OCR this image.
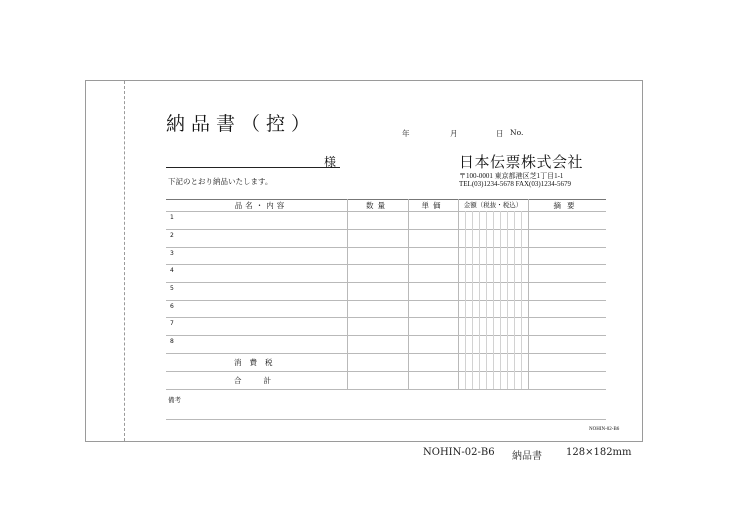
納品書（控）	年	月	日 No.
様
下記のとおり納品いたします。
日本伝票株式会社
〒100-0001 東京都港区芝1丁目1-1
TEL(03)1234-5678 FAX(03)1234-5679
品名・内容	数量	単価	金額（税抜・税込）	摘要
1
2
3
4
5
6
7
8
消費税
合計
備考
NOHIN-02-B6
NOHIN-02-B6 納品書 128×182mm
